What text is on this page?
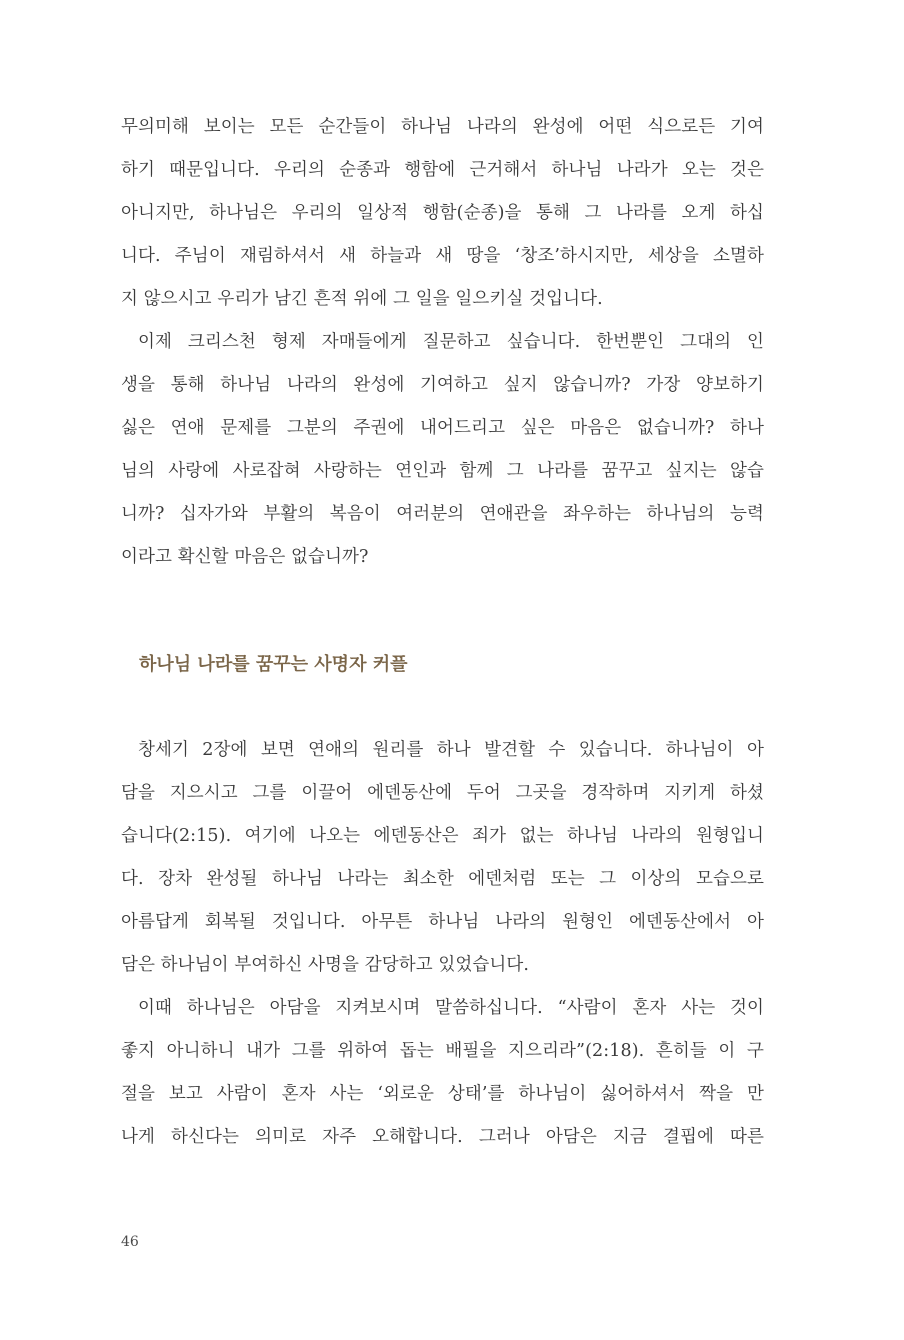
무의미해 보이는 모든 순간들이 하나님 나라의 완성에 어떤 식으로든 기여
하기 때문입니다. 우리의 순종과 행함에 근거해서 하나님 나라가 오는 것은
아니지만, 하나님은 우리의 일상적 행함(순종)을 통해 그 나라를 오게 하십
니다. 주님이 재림하셔서 새 하늘과 새 땅을 ‘창조’하시지만, 세상을 소멸하
지 않으시고 우리가 남긴 흔적 위에 그 일을 일으키실 것입니다.
이제 크리스천 형제 자매들에게 질문하고 싶습니다. 한번뿐인 그대의 인
생을 통해 하나님 나라의 완성에 기여하고 싶지 않습니까? 가장 양보하기
싫은 연애 문제를 그분의 주권에 내어드리고 싶은 마음은 없습니까? 하나
님의 사랑에 사로잡혀 사랑하는 연인과 함께 그 나라를 꿈꾸고 싶지는 않습
니까? 십자가와 부활의 복음이 여러분의 연애관을 좌우하는 하나님의 능력
이라고 확신할 마음은 없습니까?
하나님 나라를 꿈꾸는 사명자 커플
창세기 2장에 보면 연애의 원리를 하나 발견할 수 있습니다. 하나님이 아
담을 지으시고 그를 이끌어 에덴동산에 두어 그곳을 경작하며 지키게 하셨
습니다(2:15). 여기에 나오는 에덴동산은 죄가 없는 하나님 나라의 원형입니
다. 장차 완성될 하나님 나라는 최소한 에덴처럼 또는 그 이상의 모습으로
아름답게 회복될 것입니다. 아무튼 하나님 나라의 원형인 에덴동산에서 아
담은 하나님이 부여하신 사명을 감당하고 있었습니다.
이때 하나님은 아담을 지켜보시며 말씀하십니다. “사람이 혼자 사는 것이
좋지 아니하니 내가 그를 위하여 돕는 배필을 지으리라”(2:18). 흔히들 이 구
절을 보고 사람이 혼자 사는 ‘외로운 상태’를 하나님이 싫어하셔서 짝을 만
나게 하신다는 의미로 자주 오해합니다. 그러나 아담은 지금 결핍에 따른
46
